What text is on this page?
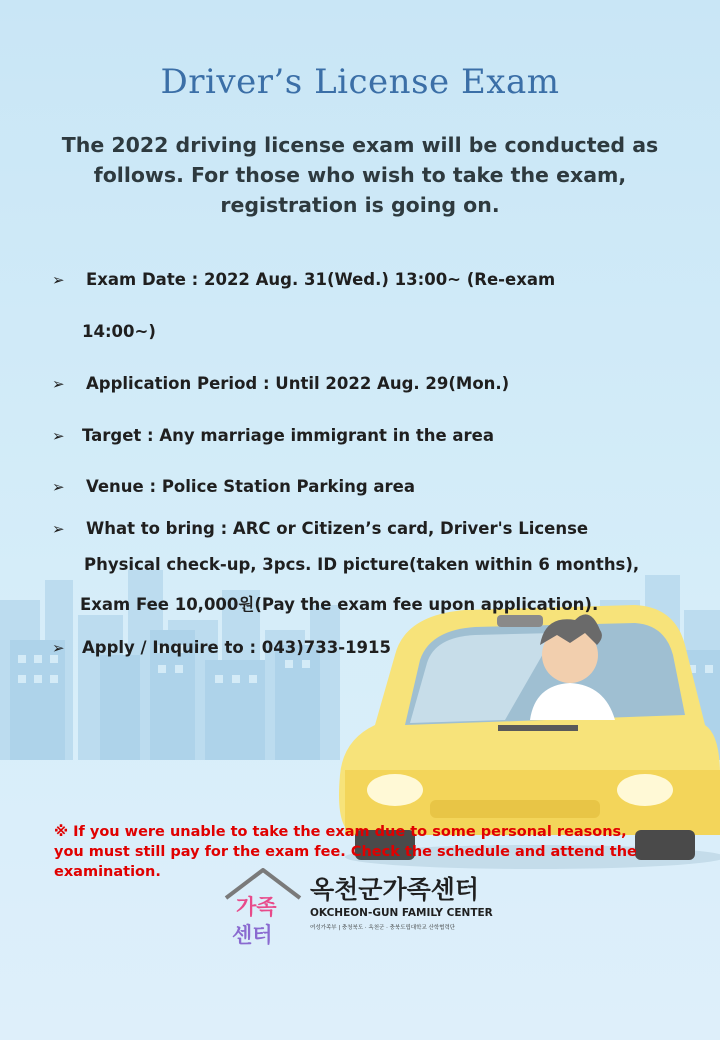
Driver’s License Exam
The 2022 driving license exam will be conducted as
follows. For those who wish to take the exam,
registration is going on.
➢ Exam Date : 2022 Aug. 31(Wed.) 13:00~ (Re-exam
14:00~)
➢ Application Period : Until 2022 Aug. 29(Mon.)
➢ Target : Any marriage immigrant in the area
➢ Venue : Police Station Parking area
➢ What to bring : ARC or Citizen’s card, Driver's License
Physical check-up, 3pcs. ID picture(taken within 6 months),
Exam Fee 10,000원(Pay the exam fee upon application).
➢ Apply / Inquire to : 043)733-1915
※ If you were unable to take the exam due to some personal reasons,
you must still pay for the exam fee. Check the schedule and attend the
examination.
가족
센터
옥천군가족센터
OKCHEON-GUN FAMILY CENTER
여성가족부 | 충청북도 · 옥천군 · 충북도립대학교 산학협력단
